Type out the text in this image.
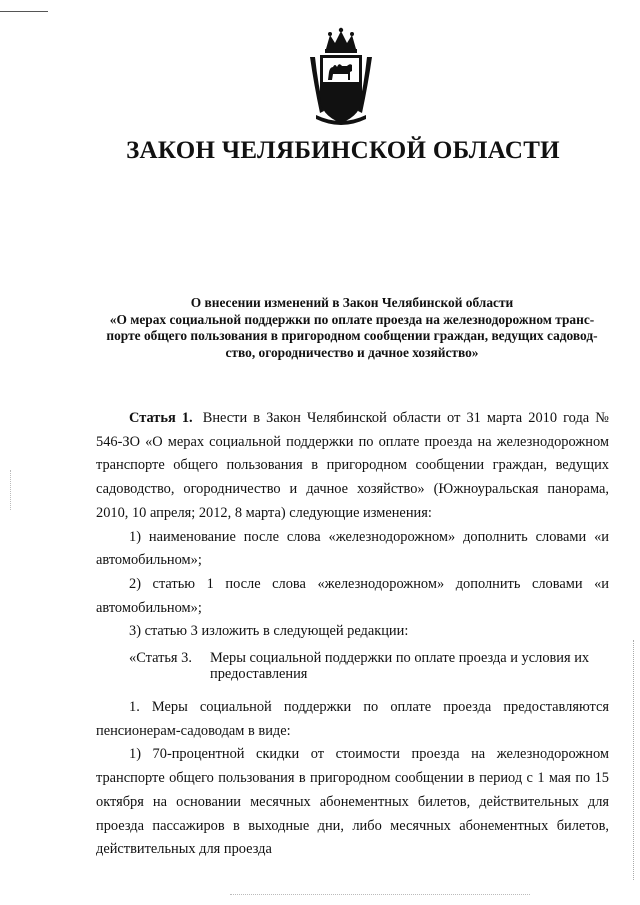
ЗАКОН ЧЕЛЯБИНСКОЙ ОБЛАСТИ
О внесении изменений в Закон Челябинской области
«О мерах социальной поддержки по оплате проезда на железнодорожном транс-
порте общего пользования в пригородном сообщении граждан, ведущих садовод-
ство, огородничество и дачное хозяйство»

Статья 1. Внести в Закон Челябинской области от 31 марта 2010 года № 546-ЗО «О мерах социальной поддержки по оплате проезда на железнодорожном транспорте общего пользования в пригородном сообщении граждан, ведущих садоводство, огородничество и дачное хозяйство» (Южноуральская панорама, 2010, 10 апреля; 2012, 8 марта) следующие изменения:

1) наименование после слова «железнодорожном» дополнить словами «и автомобильном»;

2) статью 1 после слова «железнодорожном» дополнить словами «и автомобильном»;

3) статью 3 изложить в следующей редакции:

«Статья 3.	Меры социальной поддержки по оплате проезда и условия их предоставления

1. Меры социальной поддержки по оплате проезда предоставляются пенсионерам-садоводам в виде:

1) 70-процентной скидки от стоимости проезда на железнодорожном транспорте общего пользования в пригородном сообщении в период с 1 мая по 15 октября на основании месячных абонементных билетов, действительных для проезда пассажиров в выходные дни, либо месячных абонементных билетов, действительных для проезда
